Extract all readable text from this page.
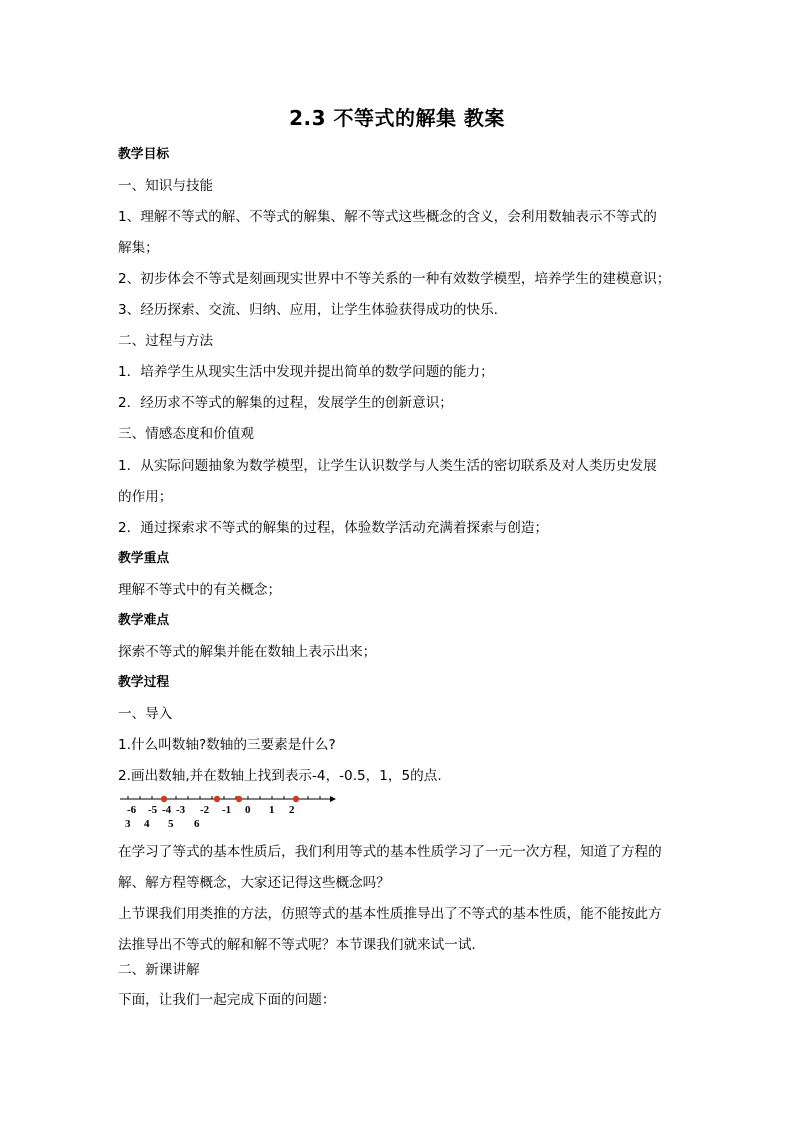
2.3 不等式的解集 教案
教学目标
一、知识与技能
1、理解不等式的解、不等式的解集、解不等式这些概念的含义，会利用数轴表示不等式的
解集；
2、初步体会不等式是刻画现实世界中不等关系的一种有效数学模型，培养学生的建模意识；
3、经历探索、交流、归纳、应用，让学生体验获得成功的快乐.
二、过程与方法
1．培养学生从现实生活中发现并提出简单的数学问题的能力；
2．经历求不等式的解集的过程，发展学生的创新意识；
三、情感态度和价值观
1．从实际问题抽象为数学模型，让学生认识数学与人类生活的密切联系及对人类历史发展
的作用；
2．通过探索求不等式的解集的过程，体验数学活动充满着探索与创造；
教学重点
理解不等式中的有关概念；
教学难点
探索不等式的解集并能在数轴上表示出来；
教学过程
一、导入
1.什么叫数轴?数轴的三要素是什么?
2.画出数轴,并在数轴上找到表示-4，-0.5，1，5的点.
-6 -5 -4 -3 -2 -1 0 1 2
3 4 5 6
在学习了等式的基本性质后，我们利用等式的基本性质学习了一元一次方程，知道了方程的
解、解方程等概念，大家还记得这些概念吗？
上节课我们用类推的方法，仿照等式的基本性质推导出了不等式的基本性质，能不能按此方
法推导出不等式的解和解不等式呢？本节课我们就来试一试.
二、新课讲解
下面，让我们一起完成下面的问题：
